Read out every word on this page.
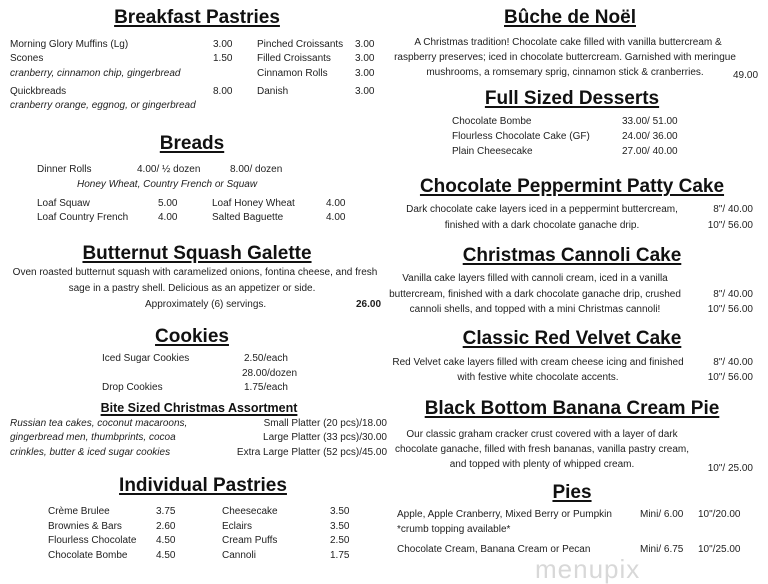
Breakfast Pastries
Morning Glory Muffins (Lg)	3.00
Scones	1.50
cranberry, cinnamon chip, gingerbread
Quickbreads	8.00
cranberry orange, eggnog, or gingerbread
Pinched Croissants 3.00
Filled Croissants 3.00
Cinnamon Rolls	3.00
Danish	3.00
Breads
Dinner Rolls	4.00/ ½ dozen	8.00/ dozen
Honey Wheat, Country French or Squaw
Loaf Squaw	5.00	Loaf Honey Wheat	4.00
Loaf Country French	4.00	Salted Baguette	4.00
Butternut Squash Galette
Oven roasted butternut squash with caramelized onions, fontina cheese, and fresh
sage in a pastry shell. Delicious as an appetizer or side.
Approximately (6) servings.	26.00
Cookies
Iced Sugar Cookies	2.50/each
28.00/dozen
Drop Cookies	1.75/each
Bite Sized Christmas Assortment
Russian tea cakes, coconut macaroons,
gingerbread men, thumbprints, cocoa
crinkles, butter & iced sugar cookies
Small Platter (20 pcs)/18.00
Large Platter (33 pcs)/30.00
Extra Large Platter (52 pcs)/45.00
Individual Pastries
Crème Brulee	3.75
Brownies & Bars	2.60
Flourless Chocolate 4.50
Chocolate Bombe	4.50
Cheesecake	3.50
Eclairs	3.50
Cream Puffs	2.50
Cannoli	1.75
Bûche de Noël
A Christmas tradition! Chocolate cake filled with vanilla buttercream &
raspberry preserves; iced in chocolate buttercream. Garnished with meringue
mushrooms, a romsemary sprig, cinnamon stick & cranberries.	49.00
Full Sized Desserts
Chocolate Bombe	33.00/ 51.00
Flourless Chocolate Cake (GF)	24.00/ 36.00
Plain Cheesecake	27.00/ 40.00
Chocolate Peppermint Patty Cake
Dark chocolate cake layers iced in a peppermint buttercream,
finished with a dark chocolate ganache drip.
8"/ 40.00
10"/ 56.00
Christmas Cannoli Cake
Vanilla cake layers filled with cannoli cream, iced in a vanilla
buttercream, finished with a dark chocolate ganache drip, crushed
cannoli shells, and topped with a mini Christmas cannoli!
8"/ 40.00
10"/ 56.00
Classic Red Velvet Cake
Red Velvet cake layers filled with cream cheese icing and finished
with festive white chocolate accents.
8"/ 40.00
10"/ 56.00
Black Bottom Banana Cream Pie
Our classic graham cracker crust covered with a layer of dark
chocolate ganache, filled with fresh bananas, vanilla pastry cream,
and topped with plenty of whipped cream.	10"/ 25.00
Pies
Apple, Apple Cranberry, Mixed Berry or Pumpkin	Mini/ 6.00 10"/20.00
*crumb topping available*
Chocolate Cream, Banana Cream or Pecan	Mini/ 6.75 10"/25.00
menupix
